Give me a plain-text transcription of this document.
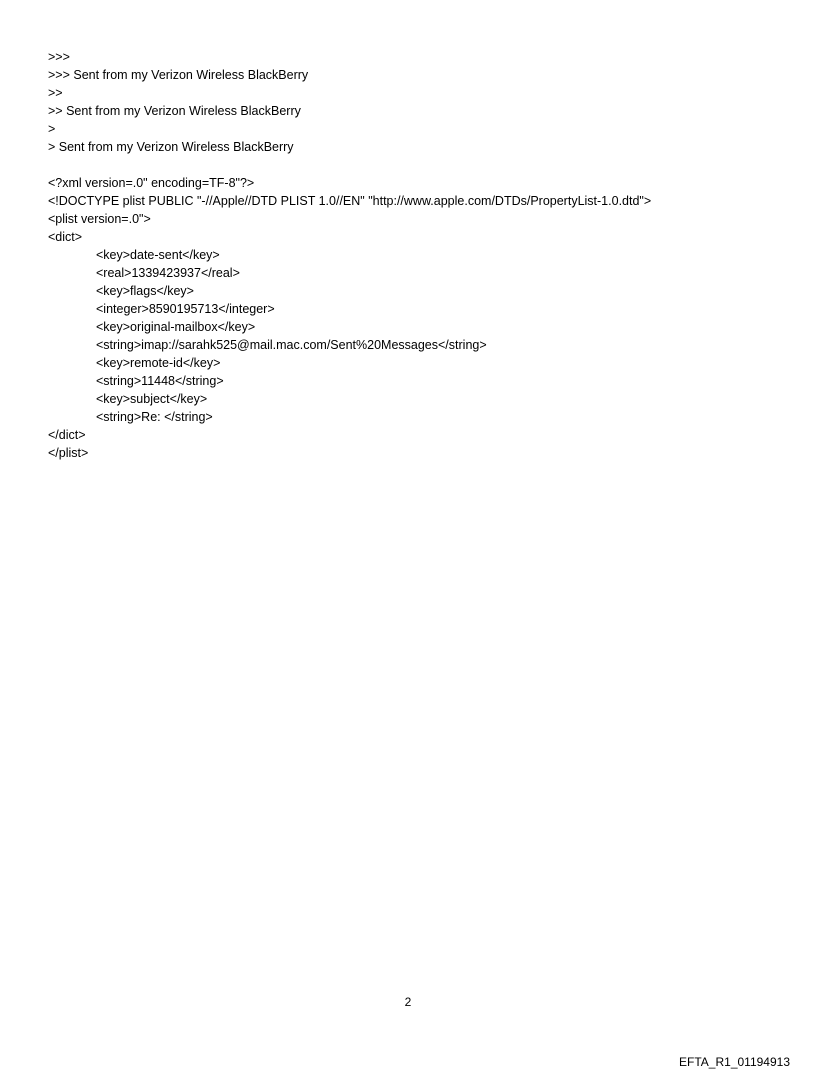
>>>
>>> Sent from my Verizon Wireless BlackBerry
>>
>> Sent from my Verizon Wireless BlackBerry
>
> Sent from my Verizon Wireless BlackBerry
<?xml version=.0" encoding=TF-8"?>
<!DOCTYPE plist PUBLIC "-//Apple//DTD PLIST 1.0//EN" "http://www.apple.com/DTDs/PropertyList-1.0.dtd">
<plist version=.0">
<dict>
<key>date-sent</key>
<real>1339423937</real>
<key>flags</key>
<integer>8590195713</integer>
<key>original-mailbox</key>
<string>imap://sarahk525@mail.mac.com/Sent%20Messages</string>
<key>remote-id</key>
<string>11448</string>
<key>subject</key>
<string>Re: </string>
</dict>
</plist>
2
EFTA_R1_01194913
